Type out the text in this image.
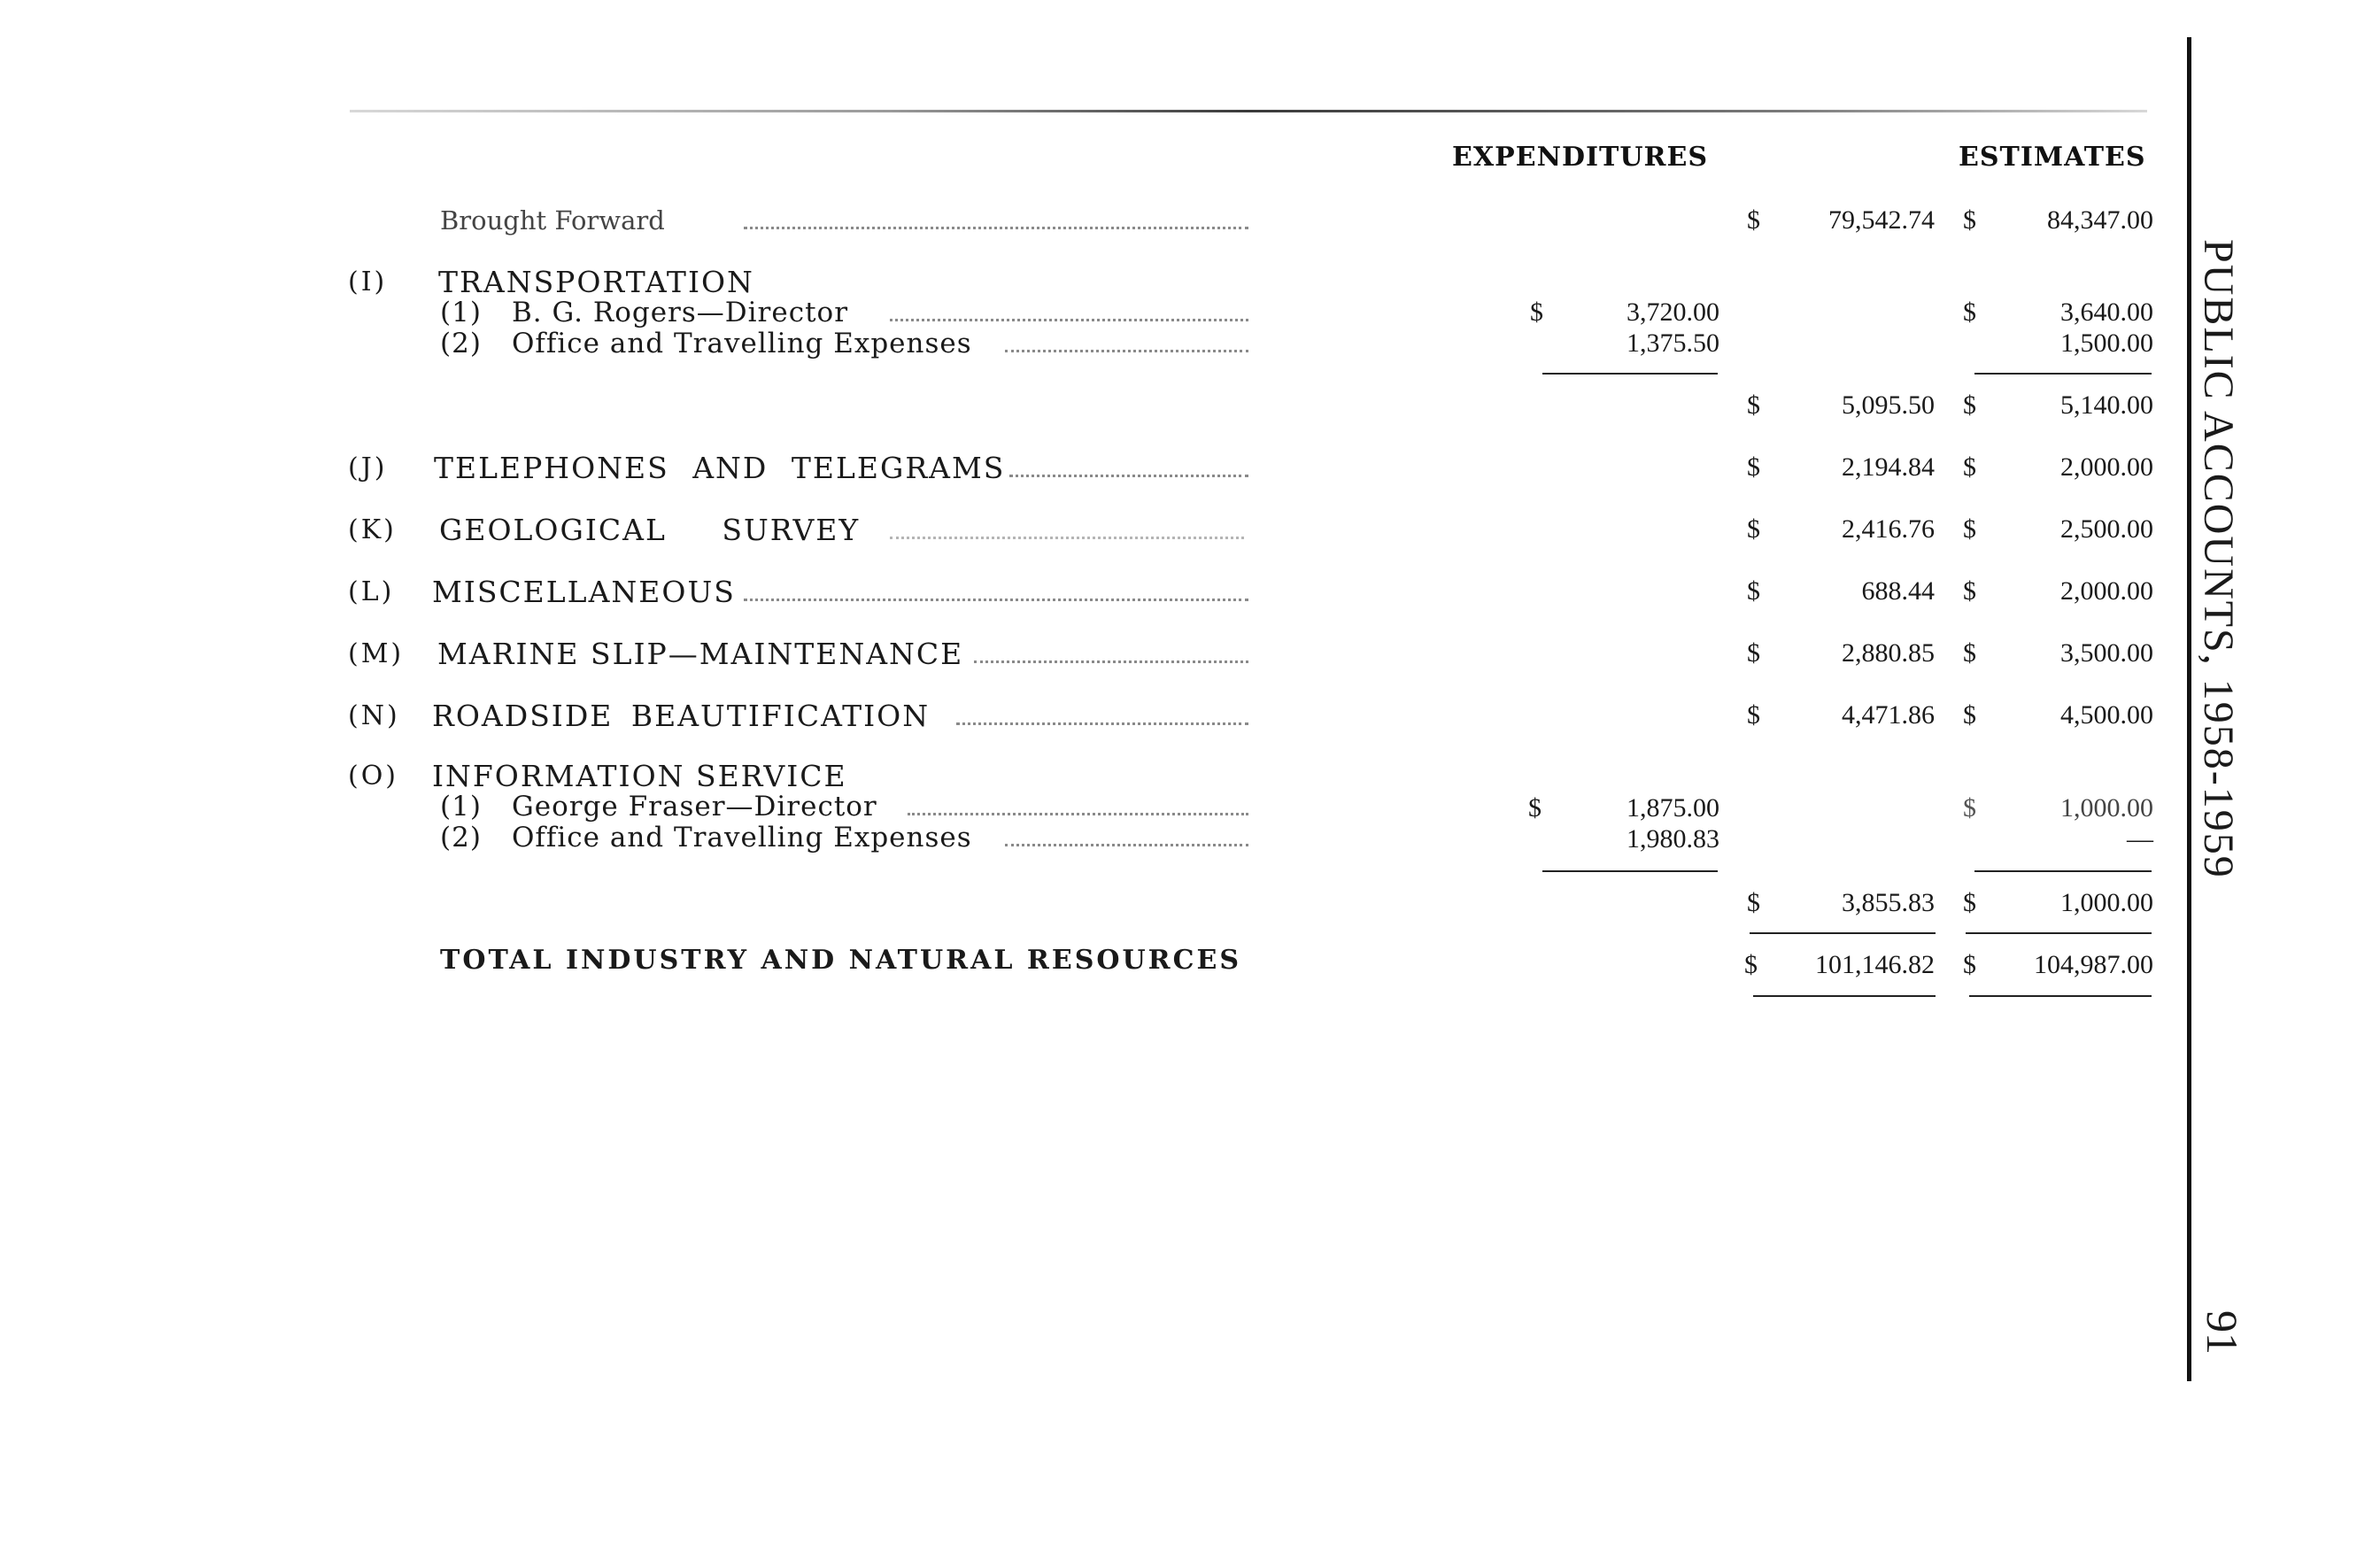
EXPENDITURES	ESTIMATES
Brought Forward	$	79,542.74 $	84,347.00
(I) TRANSPORTATION
(1) B. G. Rogers—Director	$	3,720.00	$	3,640.00
(2) Office and Travelling Expenses	1,375.50	1,500.00
$	5,095.50 $	5,140.00
(J) TELEPHONES AND TELEGRAMS	$	2,194.84 $	2,000.00
(K) GEOLOGICAL SURVEY	$	2,416.76 $	2,500.00
(L) MISCELLANEOUS	$	688.44 $	2,000.00
(M) MARINE SLIP—MAINTENANCE	$	2,880.85 $	3,500.00
(N) ROADSIDE BEAUTIFICATION	$	4,471.86 $	4,500.00
(O) INFORMATION SERVICE
(1) George Fraser—Director	$	1,875.00	$	1,000.00
(2) Office and Travelling Expenses	1,980.83	—
$	3,855.83 $	1,000.00
TOTAL INDUSTRY AND NATURAL RESOURCES	$	101,146.82 $	104,987.00
PUBLIC ACCOUNTS, 1958-1959
91
